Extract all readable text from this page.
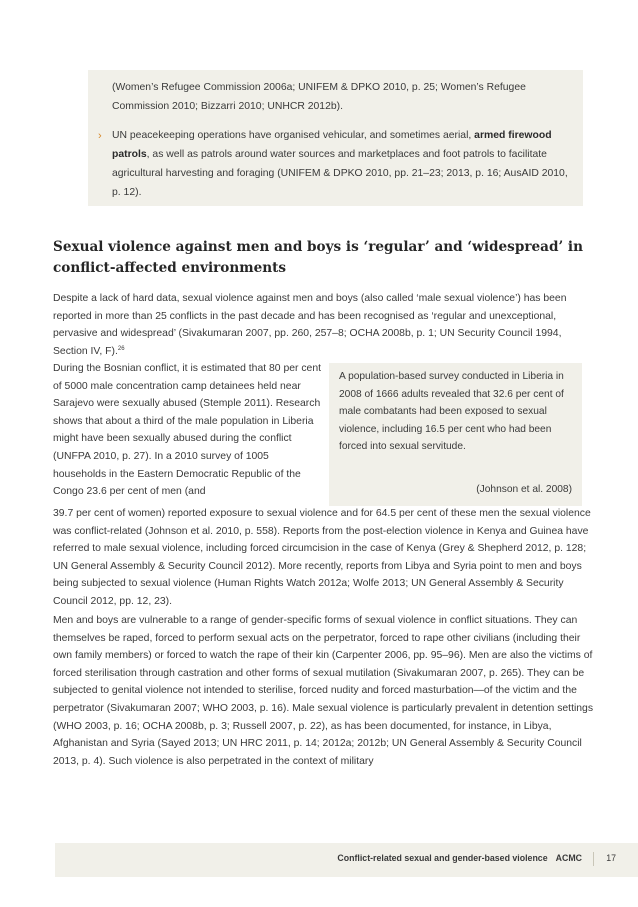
(Women’s Refugee Commission 2006a; UNIFEM & DPKO 2010, p. 25; Women’s Refugee Commission 2010; Bizzarri 2010; UNHCR 2012b).

› UN peacekeeping operations have organised vehicular, and sometimes aerial, armed firewood patrols, as well as patrols around water sources and marketplaces and foot patrols to facilitate agricultural harvesting and foraging (UNIFEM & DPKO 2010, pp. 21–23; 2013, p. 16; AusAID 2010, p. 12).

Sexual violence against men and boys is ‘regular’ and ‘widespread’ in conflict-affected environments

Despite a lack of hard data, sexual violence against men and boys (also called ‘male sexual violence’) has been reported in more than 25 conflicts in the past decade and has been recognised as ‘regular and unexceptional, pervasive and widespread’ (Sivakumaran 2007, pp. 260, 257–8; OCHA 2008b, p. 1; UN Security Council 1994, Section IV, F).$^{26}$

During the Bosnian conflict, it is estimated that 80 per cent of 5000 male concentration camp detainees held near Sarajevo were sexually abused (Stemple 2011). Research shows that about a third of the male population in Liberia might have been sexually abused during the conflict (UNFPA 2010, p. 27). In a 2010 survey of 1005 households in the Eastern Democratic Republic of the Congo 23.6 per cent of men (and

A population-based survey conducted in Liberia in 2008 of 1666 adults revealed that 32.6 per cent of male combatants had been exposed to sexual violence, including 16.5 per cent who had been forced into sexual servitude.

(Johnson et al. 2008)

39.7 per cent of women) reported exposure to sexual violence and for 64.5 per cent of these men the sexual violence was conflict-related (Johnson et al. 2010, p. 558). Reports from the post-election violence in Kenya and Guinea have referred to male sexual violence, including forced circumcision in the case of Kenya (Grey & Shepherd 2012, p. 128; UN General Assembly & Security Council 2012). More recently, reports from Libya and Syria point to men and boys being subjected to sexual violence (Human Rights Watch 2012a; Wolfe 2013; UN General Assembly & Security Council 2012, pp. 12, 23).

Men and boys are vulnerable to a range of gender-specific forms of sexual violence in conflict situations. They can themselves be raped, forced to perform sexual acts on the perpetrator, forced to rape other civilians (including their own family members) or forced to watch the rape of their kin (Carpenter 2006, pp. 95–96). Men are also the victims of forced sterilisation through castration and other forms of sexual mutilation (Sivakumaran 2007, p. 265). They can be subjected to genital violence not intended to sterilise, forced nudity and forced masturbation—of the victim and the perpetrator (Sivakumaran 2007; WHO 2003, p. 16). Male sexual violence is particularly prevalent in detention settings (WHO 2003, p. 16; OCHA 2008b, p. 3; Russell 2007, p. 22), as has been documented, for instance, in Libya, Afghanistan and Syria (Sayed 2013; UN HRC 2011, p. 14; 2012a; 2012b; UN General Assembly & Security Council 2013, p. 4). Such violence is also perpetrated in the context of military

Conflict-related sexual and gender-based violence ACMC	17
